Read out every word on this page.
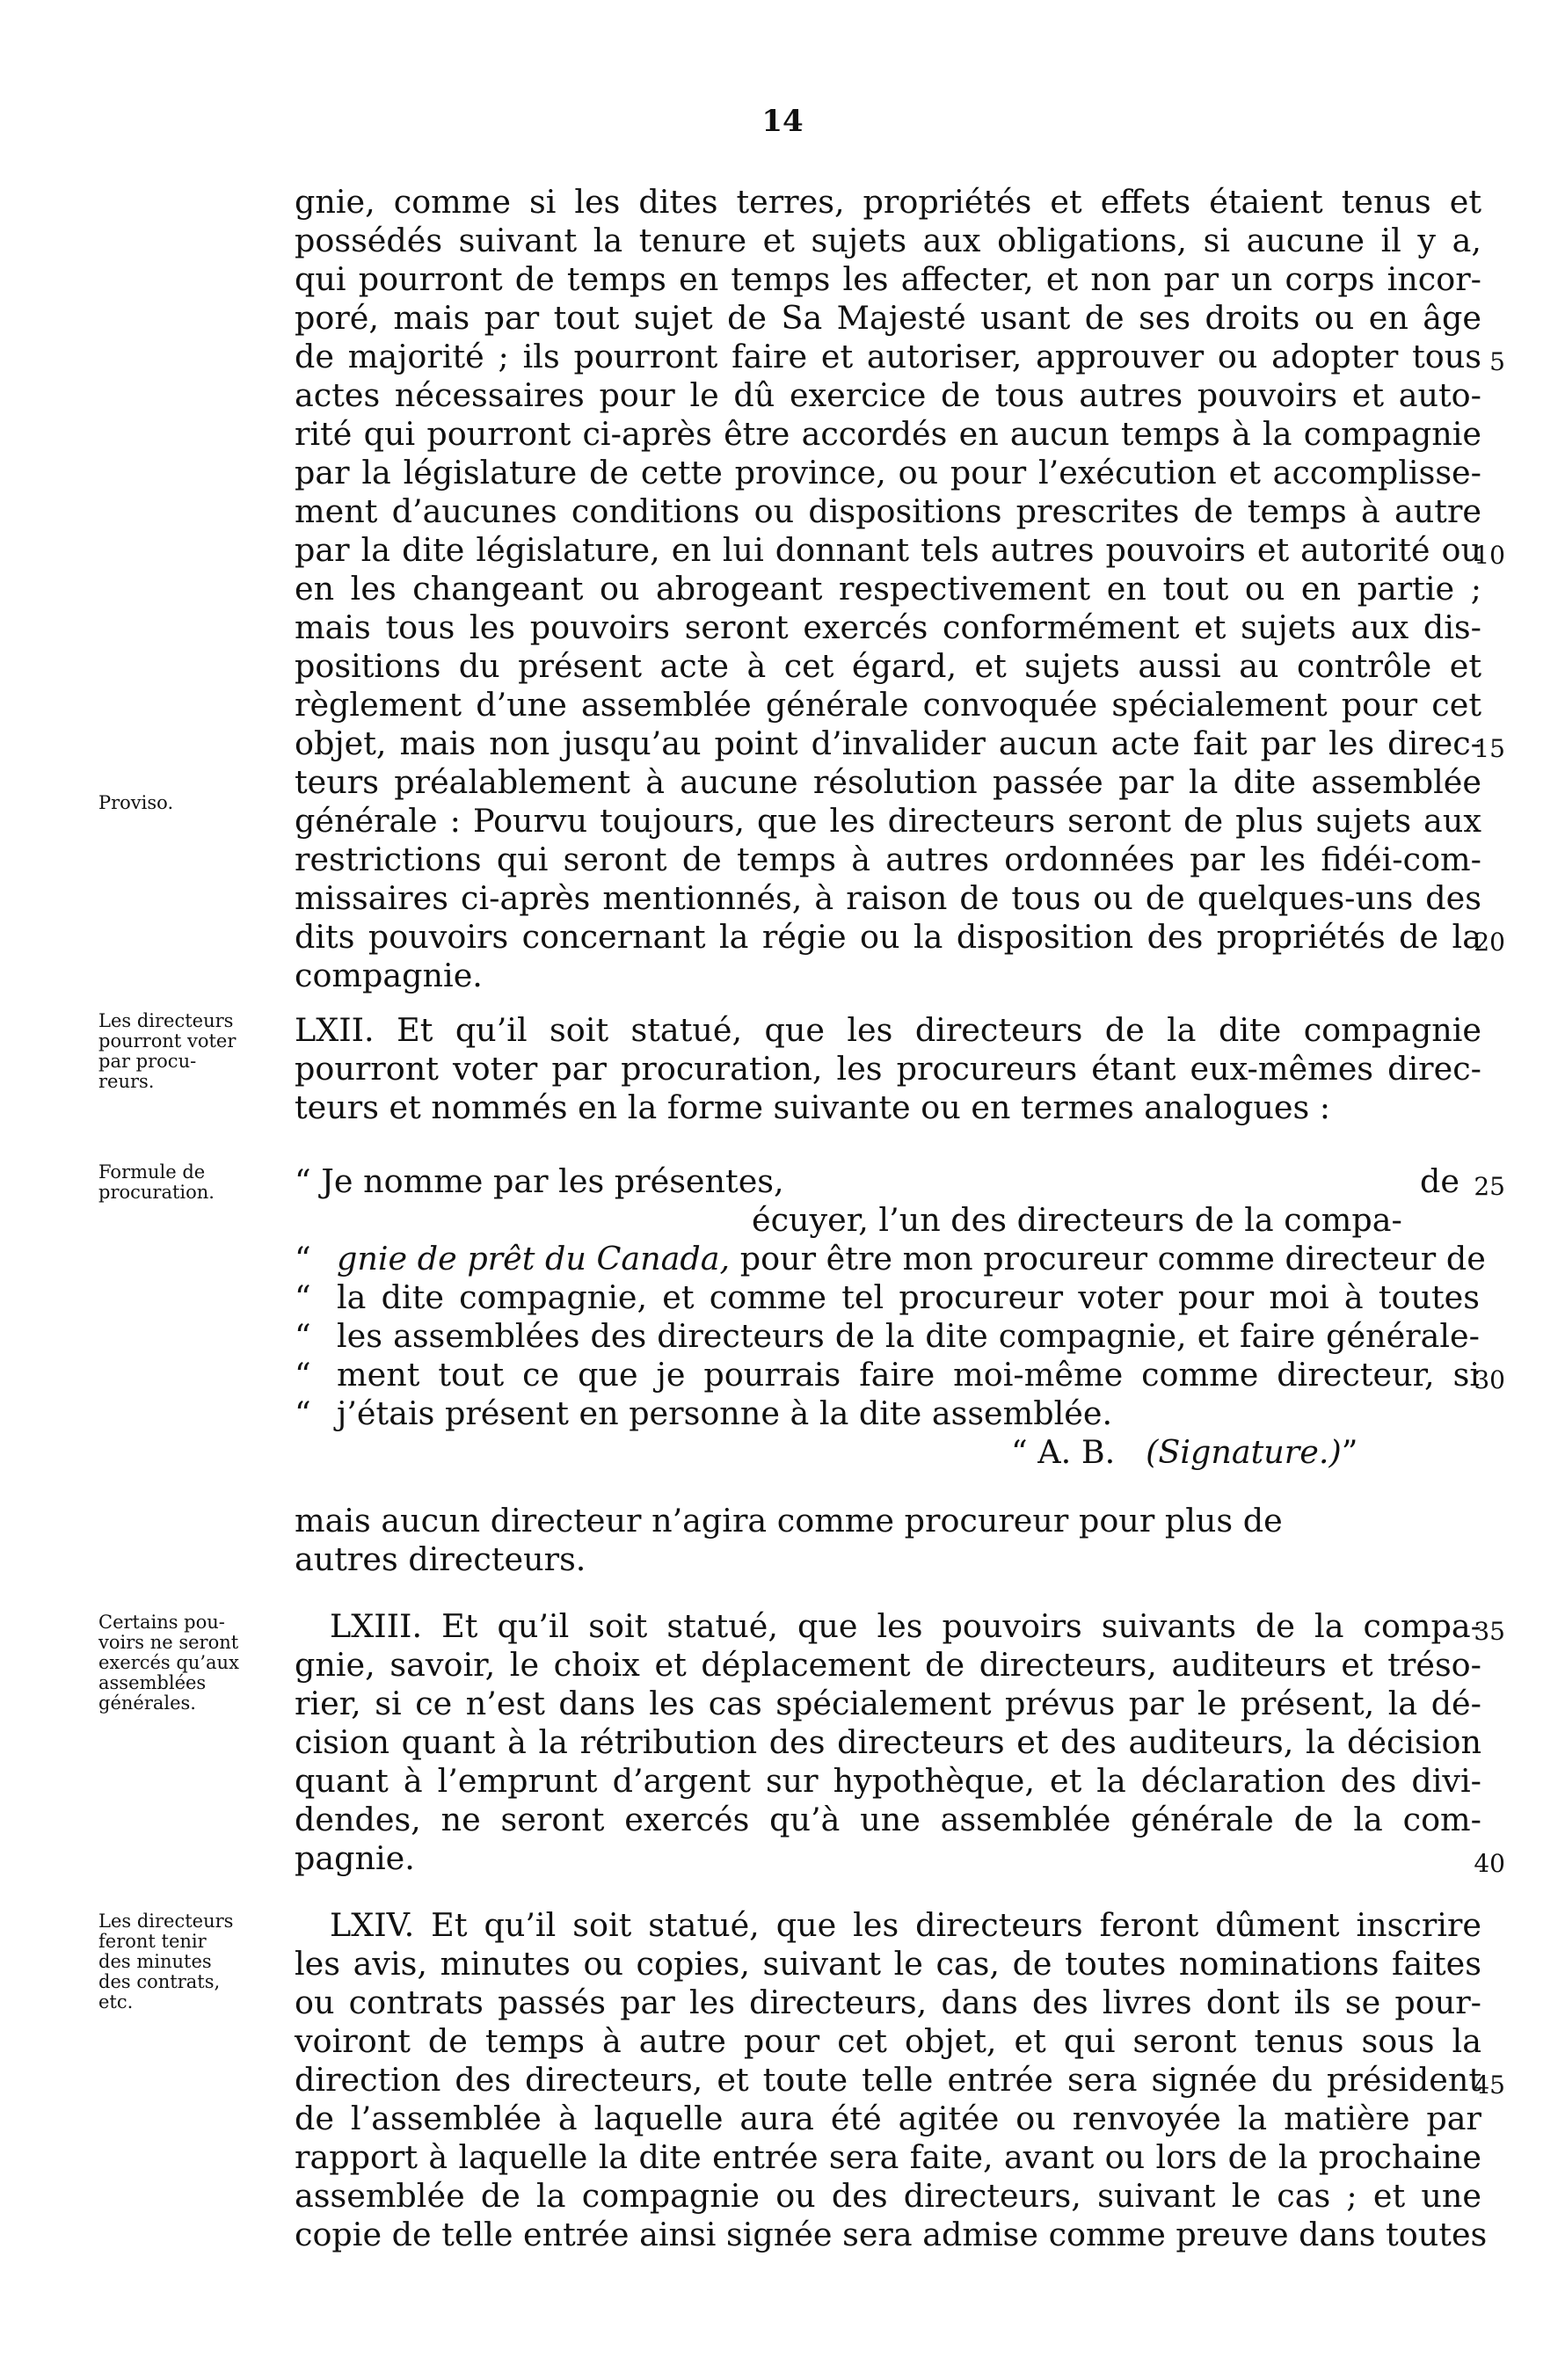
14
gnie, comme si les dites terres, propriétés et effets étaient tenus et
possédés suivant la tenure et sujets aux obligations, si aucune il y a,
qui pourront de temps en temps les affecter, et non par un corps incor-
poré, mais par tout sujet de Sa Majesté usant de ses droits ou en âge
de majorité ; ils pourront faire et autoriser, approuver ou adopter tous
actes nécessaires pour le dû exercice de tous autres pouvoirs et auto-
rité qui pourront ci-après être accordés en aucun temps à la compagnie
par la législature de cette province, ou pour l’exécution et accomplisse-
ment d’aucunes conditions ou dispositions prescrites de temps à autre
par la dite législature, en lui donnant tels autres pouvoirs et autorité ou
en les changeant ou abrogeant respectivement en tout ou en partie ;
mais tous les pouvoirs seront exercés conformément et sujets aux dis-
positions du présent acte à cet égard, et sujets aussi au contrôle et
règlement d’une assemblée générale convoquée spécialement pour cet
objet, mais non jusqu’au point d’invalider aucun acte fait par les direc-
teurs préalablement à aucune résolution passée par la dite assemblée
générale : Pourvu toujours, que les directeurs seront de plus sujets aux
restrictions qui seront de temps à autres ordonnées par les fidéi-com-
missaires ci-après mentionnés, à raison de tous ou de quelques-uns des
dits pouvoirs concernant la régie ou la disposition des propriétés de la
compagnie.
LXII. Et qu’il soit statué, que les directeurs de la dite compagnie
pourront voter par procuration, les procureurs étant eux-mêmes direc-
teurs et nommés en la forme suivante ou en termes analogues :
“ Je nomme par les présentes,	de
écuyer, l’un des directeurs de la compa-
“ gnie de prêt du Canada, pour être mon procureur comme directeur de
“ la dite compagnie, et comme tel procureur voter pour moi à toutes
“ les assemblées des directeurs de la dite compagnie, et faire générale-
“ ment tout ce que je pourrais faire moi-même comme directeur, si
“ j’étais présent en personne à la dite assemblée.
“ A. B. (Signature.)”
mais aucun directeur n’agira comme procureur pour plus de
autres directeurs.
LXIII. Et qu’il soit statué, que les pouvoirs suivants de la compa-
gnie, savoir, le choix et déplacement de directeurs, auditeurs et tréso-
rier, si ce n’est dans les cas spécialement prévus par le présent, la dé-
cision quant à la rétribution des directeurs et des auditeurs, la décision
quant à l’emprunt d’argent sur hypothèque, et la déclaration des divi-
dendes, ne seront exercés qu’à une assemblée générale de la com-
pagnie.
LXIV. Et qu’il soit statué, que les directeurs feront dûment inscrire
les avis, minutes ou copies, suivant le cas, de toutes nominations faites
ou contrats passés par les directeurs, dans des livres dont ils se pour-
voiront de temps à autre pour cet objet, et qui seront tenus sous la
direction des directeurs, et toute telle entrée sera signée du président
de l’assemblée à laquelle aura été agitée ou renvoyée la matière par
rapport à laquelle la dite entrée sera faite, avant ou lors de la prochaine
assemblée de la compagnie ou des directeurs, suivant le cas ; et une
copie de telle entrée ainsi signée sera admise comme preuve dans toutes
Proviso.
Les directeurs
pourront voter
par procu-
reurs.
Formule de
procuration.
Certains pou-
voirs ne seront
exercés qu’aux
assemblées
générales.
Les directeurs
feront tenir
des minutes
des contrats,
etc.
5
10
15
20
25
30
35
40
45
